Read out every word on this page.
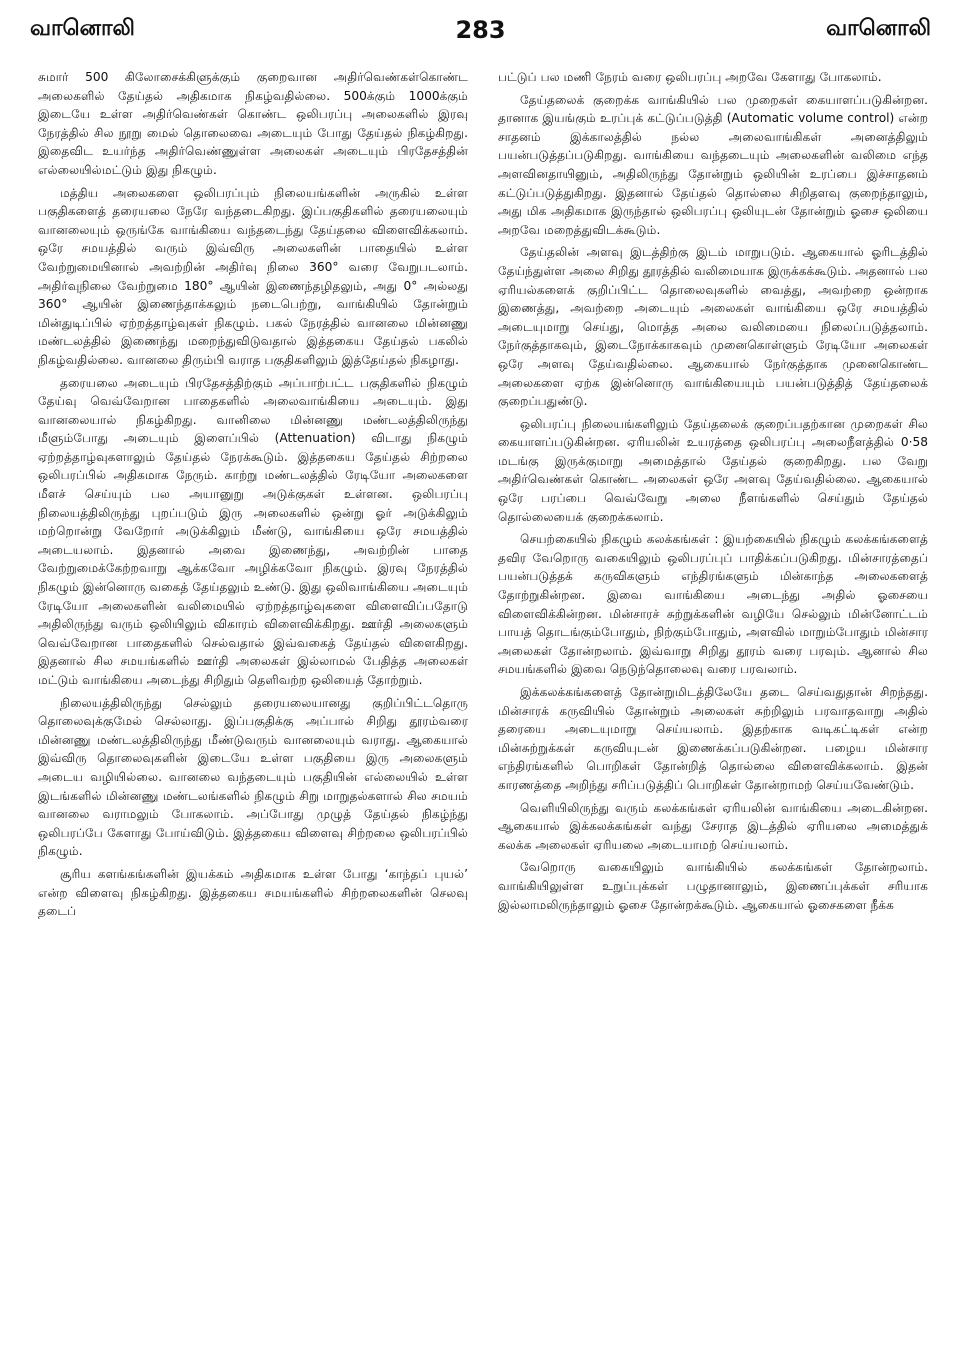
வானொலி	283	வானொலி

சுமார் 500 கிலோசைக்கிளுக்கும் குறைவான அதிர்வெண்கள்கொண்ட அலைகளில் தேய்தல் அதிகமாக நிகழ்வதில்லை. 500க்கும் 1000க்கும் இடையே உள்ள அதிர்வெண்கள் கொண்ட ஒலிபரப்பு அலைகளில் இரவு நேரத்தில் சில நூறு மைல் தொலைவை அடையும் போது தேய்தல் நிகழ்கிறது. இதைவிட உயர்ந்த அதிர்வெண்ணுள்ள அலைகள் அடையும் பிரதேசத்தின் எல்லையில்மட்டும் இது நிகழும்.

மத்திய அலைகளை ஒலிபரப்பும் நிலையங்களின் அருகில் உள்ள பகுதிகளைத் தரையலை நேரே வந்தடைகிறது. இப்பகுதிகளில் தரையலையும் வானலையும் ஒருங்கே வாங்கியை வந்தடைந்து தேய்தலை விளைவிக்கலாம். ஒரே சமயத்தில் வரும் இவ்விரு அலைகளின் பாதையில் உள்ள வேற்றுமையினால் அவற்றின் அதிர்வு நிலை 360° வரை வேறுபடலாம். அதிர்வுநிலை வேற்றுமை 180° ஆயின் இணைந்தழிதலும், அது 0° அல்லது 360° ஆயின் இணைந்தாக்கலும் நடைபெற்று, வாங்கியில் தோன்றும் மின்துடிப்பில் ஏற்றத்தாழ்வுகள் நிகழும். பகல் நேரத்தில் வானலை மின்னணு மண்டலத்தில் இணைந்து மறைந்துவிடுவதால் இத்தகைய தேய்தல் பகலில் நிகழ்வதில்லை. வானலை திரும்பி வராத பகுதிகளிலும் இத்தேய்தல் நிகழாது.

தரையலை அடையும் பிரதேசத்திற்கும் அப்பாற்பட்ட பகுதிகளில் நிகழும் தேய்வு வெவ்வேறான பாதைகளில் அலைவாங்கியை அடையும். இது வானலையால் நிகழ்கிறது. வானிலை மின்னணு மண்டலத்திலிருந்து மீளும்போது அடையும் இளைப்பில் (Attenuation) விடாது நிகழும் ஏற்றத்தாழ்வுகளாலும் தேய்தல் நேரக்கூடும். இத்தகைய தேய்தல் சிற்றலை ஒலிபரப்பில் அதிகமாக நேரும். காற்று மண்டலத்தில் ரேடியோ அலைகளை மீளச் செய்யும் பல அயானுறு அடுக்குகள் உள்ளன. ஒலிபரப்பு நிலையத்திலிருந்து புறப்படும் இரு அலைகளில் ஒன்று ஓர் அடுக்கிலும் மற்றொன்று வேறோர் அடுக்கிலும் மீண்டு, வாங்கியை ஒரே சமயத்தில் அடையலாம். இதனால் அவை இணைந்து, அவற்றின் பாதை வேற்றுமைக்கேற்றவாறு ஆக்கவோ அழிக்கவோ நிகழும். இரவு நேரத்தில் நிகழும் இன்னொரு வகைத் தேய்தலும் உண்டு. இது ஒலிவாங்கியை அடையும் ரேடியோ அலைகளின் வலிமையில் ஏற்றத்தாழ்வுகளை விளைவிப்பதோடு அதிலிருந்து வரும் ஒலியிலும் விகாரம் விளைவிக்கிறது. ஊர்தி அலைகளும் வெவ்வேறான பாதைகளில் செல்வதால் இவ்வகைத் தேய்தல் விளைகிறது. இதனால் சில சமயங்களில் ஊர்தி அலைகள் இல்லாமல் பேதித்த அலைகள் மட்டும் வாங்கியை அடைந்து சிறிதும் தெளிவற்ற ஒலியைத் தோற்றும்.

நிலையத்திலிருந்து செல்லும் தரையலையானது குறிப்பிட்டதொரு தொலைவுக்குமேல் செல்லாது. இப்பகுதிக்கு அப்பால் சிறிது தூரம்வரை மின்னணு மண்டலத்திலிருந்து மீண்டுவரும் வானலையும் வராது. ஆகையால் இவ்விரு தொலைவுகளின் இடையே உள்ள பகுதியை இரு அலைகளும் அடைய வழியில்லை. வானலை வந்தடையும் பகுதியின் எல்லையில் உள்ள இடங்களில் மின்னணு மண்டலங்களில் நிகழும் சிறு மாறுதல்களால் சில சமயம் வானலை வராமலும் போகலாம். அப்போது முழுத் தேய்தல் நிகழ்ந்து ஒலிபரப்பே கேளாது போய்விடும். இத்தகைய விளைவு சிற்றலை ஒலிபரப்பில் நிகழும்.

சூரிய களங்கங்களின் இயக்கம் அதிகமாக உள்ள போது ‘காந்தப் புயல்’ என்ற விளைவு நிகழ்கிறது. இத்தகைய சமயங்களில் சிற்றலைகளின் செலவு தடைப்

பட்டுப் பல மணி நேரம் வரை ஒலிபரப்பு அறவே கேளாது போகலாம்.

தேய்தலைக் குறைக்க வாங்கியில் பல முறைகள் கையாளப்படுகின்றன. தானாக இயங்கும் உரப்புக் கட்டுப்படுத்தி (Automatic volume control) என்ற சாதனம் இக்காலத்தில் நல்ல அலைவாங்கிகள் அனைத்திலும் பயன்படுத்தப்படுகிறது. வாங்கியை வந்தடையும் அலைகளின் வலிமை எந்த அளவினதாயினும், அதிலிருந்து தோன்றும் ஒலியின் உரப்பை இச்சாதனம் கட்டுப்படுத்துகிறது. இதனால் தேய்தல் தொல்லை சிறிதளவு குறைந்தாலும், அது மிக அதிகமாக இருந்தால் ஒலிபரப்பு ஒலியுடன் தோன்றும் ஓசை ஒலியை அறவே மறைத்துவிடக்கூடும்.

தேய்தலின் அளவு இடத்திற்கு இடம் மாறுபடும். ஆகையால் ஓரிடத்தில் தேய்ந்துள்ள அலை சிறிது தூரத்தில் வலிமையாக இருக்கக்கூடும். அதனால் பல ஏரியல்களைக் குறிப்பிட்ட தொலைவுகளில் வைத்து, அவற்றை ஒன்றாக இணைத்து, அவற்றை அடையும் அலைகள் வாங்கியை ஒரே சமயத்தில் அடையுமாறு செய்து, மொத்த அலை வலிமையை நிலைப்படுத்தலாம். நேர்குத்தாகவும், இடைநோக்காகவும் முனைகொள்ளும் ரேடியோ அலைகள் ஒரே அளவு தேய்வதில்லை. ஆகையால் நேர்குத்தாக முனைகொண்ட அலைகளை ஏற்க இன்னொரு வாங்கியையும் பயன்படுத்தித் தேய்தலைக் குறைப்பதுண்டு.

ஒலிபரப்பு நிலையங்களிலும் தேய்தலைக் குறைப்பதற்கான முறைகள் சில கையாளப்படுகின்றன. ஏரியலின் உயரத்தை ஒலிபரப்பு அலைநீளத்தில் 0·58 மடங்கு இருக்குமாறு அமைத்தால் தேய்தல் குறைகிறது. பல வேறு அதிர்வெண்கள் கொண்ட அலைகள் ஒரே அளவு தேய்வதில்லை. ஆகையால் ஒரே பரப்பை வெவ்வேறு அலை நீளங்களில் செய்தும் தேய்தல் தொல்லையைக் குறைக்கலாம்.

செயற்கையில் நிகழும் கலக்கங்கள் : இயற்கையில் நிகழும் கலக்கங்களைத் தவிர வேறொரு வகையிலும் ஒலிபரப்புப் பாதிக்கப்படுகிறது. மின்சாரத்தைப் பயன்படுத்தக் கருவிகளும் எந்திரங்களும் மின்காந்த அலைகளைத் தோற்றுகின்றன. இவை வாங்கியை அடைந்து அதில் ஓசையை விளைவிக்கின்றன. மின்சாரச் சுற்றுக்களின் வழியே செல்லும் மின்னோட்டம் பாயத் தொடங்கும்போதும், நிற்கும்போதும், அளவில் மாறும்போதும் மின்சார அலைகள் தோன்றலாம். இவ்வாறு சிறிது தூரம் வரை பரவும். ஆனால் சில சமயங்களில் இவை நெடுந்தொலைவு வரை பரவலாம்.

இக்கலக்கங்களைத் தோன்றுமிடத்திலேயே தடை செய்வதுதான் சிறந்தது. மின்சாரக் கருவியில் தோன்றும் அலைகள் சுற்றிலும் பரவாதவாறு அதில் தரையை அடையுமாறு செய்யலாம். இதற்காக வடிகட்டிகள் என்ற மின்சுற்றுக்கள் கருவியுடன் இணைக்கப்படுகின்றன. பழைய மின்சார எந்திரங்களில் பொறிகள் தோன்றித் தொல்லை விளைவிக்கலாம். இதன் காரணத்தை அறிந்து சரிப்படுத்திப் பொறிகள் தோன்றாமற் செய்யவேண்டும்.

வெளியிலிருந்து வரும் கலக்கங்கள் ஏரியலின் வாங்கியை அடைகின்றன. ஆகையால் இக்கலக்கங்கள் வந்து சேராத இடத்தில் ஏரியலை அமைத்துக் கலக்க அலைகள் ஏரியலை அடையாமற் செய்யலாம்.

வேறொரு வகையிலும் வாங்கியில் கலக்கங்கள் தோன்றலாம். வாங்கியிலுள்ள உறுப்புக்கள் பழுதானாலும், இணைப்புக்கள் சரியாக இல்லாமலிருந்தாலும் ஓசை தோன்றக்கூடும். ஆகையால் ஓசைகளை நீக்க
